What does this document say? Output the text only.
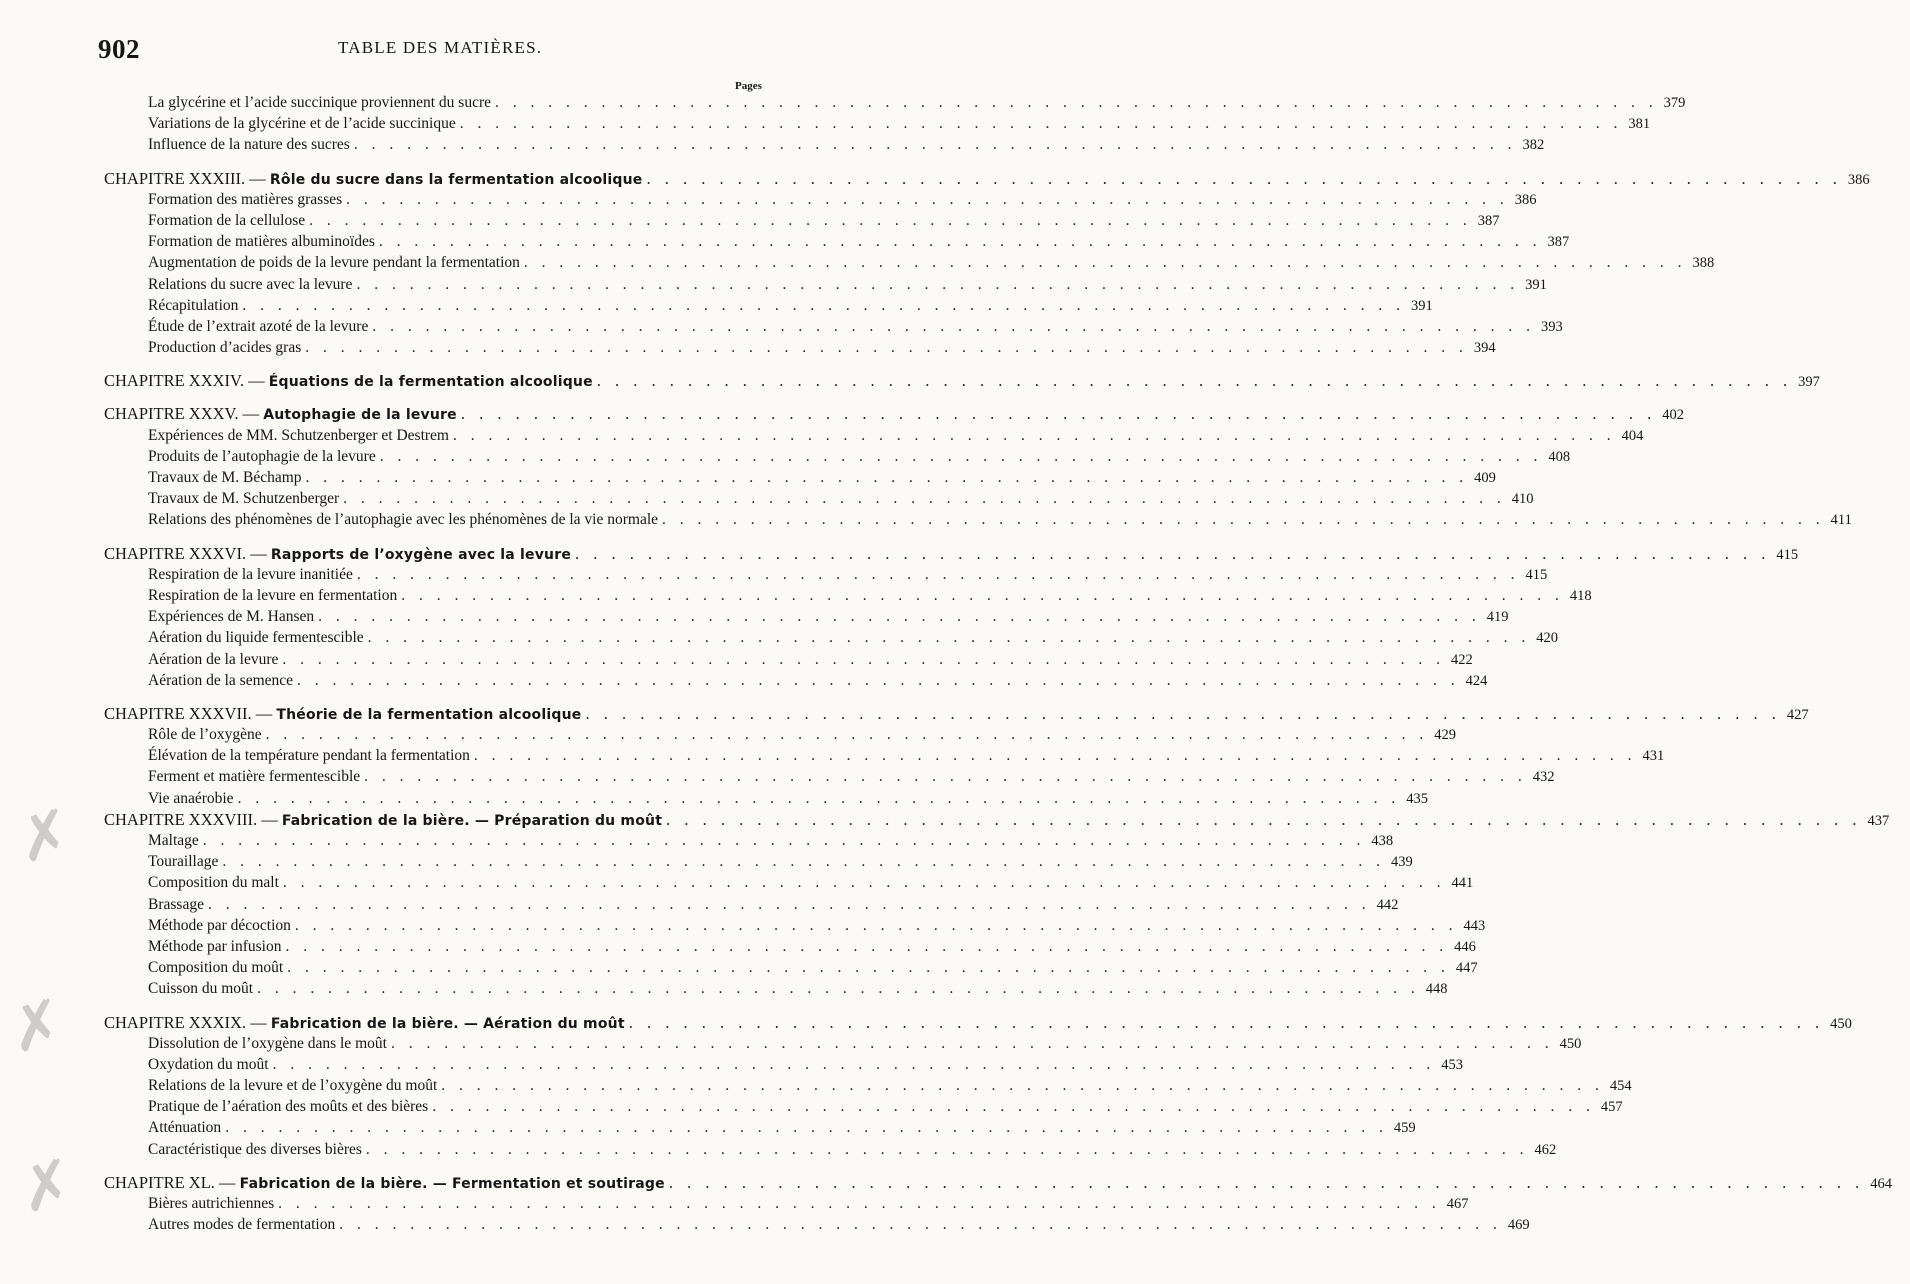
902	TABLE DES MATIÈRES.
Pages
La glycérine et l’acide succinique proviennent du sucre . . . . . . . . . . . . . . . . . . . . . . . . . . . . . . . . . . . . . . . . . . . . . . . . . . . . . . . . . . . . . . . . . . 379
Variations de la glycérine et de l’acide succinique . . . . . . . . . . . . . . . . . . . . . . . . . . . . . . . . . . . . . . . . . . . . . . . . . . . . . . . . . . . . . . . . . . 381
Influence de la nature des sucres . . . . . . . . . . . . . . . . . . . . . . . . . . . . . . . . . . . . . . . . . . . . . . . . . . . . . . . . . . . . . . . . . . 382
CHAPITRE XXXIII. — Rôle du sucre dans la fermentation alcoolique . . . . . . . . . . . . . . . . . . . . . . . . . . . . . . . . . . . . . . . . . . . . . . . . . . . . . . . . . . . . . . . . . . 386
Formation des matières grasses . . . . . . . . . . . . . . . . . . . . . . . . . . . . . . . . . . . . . . . . . . . . . . . . . . . . . . . . . . . . . . . . . . 386
Formation de la cellulose . . . . . . . . . . . . . . . . . . . . . . . . . . . . . . . . . . . . . . . . . . . . . . . . . . . . . . . . . . . . . . . . . . 387
Formation de matières albuminoïdes . . . . . . . . . . . . . . . . . . . . . . . . . . . . . . . . . . . . . . . . . . . . . . . . . . . . . . . . . . . . . . . . . . 387
Augmentation de poids de la levure pendant la fermentation . . . . . . . . . . . . . . . . . . . . . . . . . . . . . . . . . . . . . . . . . . . . . . . . . . . . . . . . . . . . . . . . . . 388
Relations du sucre avec la levure . . . . . . . . . . . . . . . . . . . . . . . . . . . . . . . . . . . . . . . . . . . . . . . . . . . . . . . . . . . . . . . . . . 391
Récapitulation . . . . . . . . . . . . . . . . . . . . . . . . . . . . . . . . . . . . . . . . . . . . . . . . . . . . . . . . . . . . . . . . . . 391
Étude de l’extrait azoté de la levure . . . . . . . . . . . . . . . . . . . . . . . . . . . . . . . . . . . . . . . . . . . . . . . . . . . . . . . . . . . . . . . . . . 393
Production d’acides gras . . . . . . . . . . . . . . . . . . . . . . . . . . . . . . . . . . . . . . . . . . . . . . . . . . . . . . . . . . . . . . . . . . 394
CHAPITRE XXXIV. — Équations de la fermentation alcoolique . . . . . . . . . . . . . . . . . . . . . . . . . . . . . . . . . . . . . . . . . . . . . . . . . . . . . . . . . . . . . . . . . . 397
CHAPITRE XXXV. — Autophagie de la levure . . . . . . . . . . . . . . . . . . . . . . . . . . . . . . . . . . . . . . . . . . . . . . . . . . . . . . . . . . . . . . . . . . 402
Expériences de MM. Schutzenberger et Destrem . . . . . . . . . . . . . . . . . . . . . . . . . . . . . . . . . . . . . . . . . . . . . . . . . . . . . . . . . . . . . . . . . . 404
Produits de l’autophagie de la levure . . . . . . . . . . . . . . . . . . . . . . . . . . . . . . . . . . . . . . . . . . . . . . . . . . . . . . . . . . . . . . . . . . 408
Travaux de M. Béchamp . . . . . . . . . . . . . . . . . . . . . . . . . . . . . . . . . . . . . . . . . . . . . . . . . . . . . . . . . . . . . . . . . . 409
Travaux de M. Schutzenberger . . . . . . . . . . . . . . . . . . . . . . . . . . . . . . . . . . . . . . . . . . . . . . . . . . . . . . . . . . . . . . . . . . 410
Relations des phénomènes de l’autophagie avec les phénomènes de la vie normale . . . . . . . . . . . . . . . . . . . . . . . . . . . . . . . . . . . . . . . . . . . . . . . . . . . . . . . . . . . . . . . . . . 411
CHAPITRE XXXVI. — Rapports de l’oxygène avec la levure . . . . . . . . . . . . . . . . . . . . . . . . . . . . . . . . . . . . . . . . . . . . . . . . . . . . . . . . . . . . . . . . . . 415
Respiration de la levure inanitiée . . . . . . . . . . . . . . . . . . . . . . . . . . . . . . . . . . . . . . . . . . . . . . . . . . . . . . . . . . . . . . . . . . 415
Respiration de la levure en fermentation . . . . . . . . . . . . . . . . . . . . . . . . . . . . . . . . . . . . . . . . . . . . . . . . . . . . . . . . . . . . . . . . . . 418
Expériences de M. Hansen . . . . . . . . . . . . . . . . . . . . . . . . . . . . . . . . . . . . . . . . . . . . . . . . . . . . . . . . . . . . . . . . . . 419
Aération du liquide fermentescible . . . . . . . . . . . . . . . . . . . . . . . . . . . . . . . . . . . . . . . . . . . . . . . . . . . . . . . . . . . . . . . . . . 420
Aération de la levure . . . . . . . . . . . . . . . . . . . . . . . . . . . . . . . . . . . . . . . . . . . . . . . . . . . . . . . . . . . . . . . . . . 422
Aération de la semence . . . . . . . . . . . . . . . . . . . . . . . . . . . . . . . . . . . . . . . . . . . . . . . . . . . . . . . . . . . . . . . . . . 424
CHAPITRE XXXVII. — Théorie de la fermentation alcoolique . . . . . . . . . . . . . . . . . . . . . . . . . . . . . . . . . . . . . . . . . . . . . . . . . . . . . . . . . . . . . . . . . . 427
Rôle de l’oxygène . . . . . . . . . . . . . . . . . . . . . . . . . . . . . . . . . . . . . . . . . . . . . . . . . . . . . . . . . . . . . . . . . . 429
Élévation de la température pendant la fermentation . . . . . . . . . . . . . . . . . . . . . . . . . . . . . . . . . . . . . . . . . . . . . . . . . . . . . . . . . . . . . . . . . . 431
Ferment et matière fermentescible . . . . . . . . . . . . . . . . . . . . . . . . . . . . . . . . . . . . . . . . . . . . . . . . . . . . . . . . . . . . . . . . . . 432
Vie anaérobie . . . . . . . . . . . . . . . . . . . . . . . . . . . . . . . . . . . . . . . . . . . . . . . . . . . . . . . . . . . . . . . . . . 435
CHAPITRE XXXVIII. — Fabrication de la bière. — Préparation du moût . . . . . . . . . . . . . . . . . . . . . . . . . . . . . . . . . . . . . . . . . . . . . . . . . . . . . . . . . . . . . . . . . . 437
Maltage . . . . . . . . . . . . . . . . . . . . . . . . . . . . . . . . . . . . . . . . . . . . . . . . . . . . . . . . . . . . . . . . . . 438
Touraillage . . . . . . . . . . . . . . . . . . . . . . . . . . . . . . . . . . . . . . . . . . . . . . . . . . . . . . . . . . . . . . . . . . 439
Composition du malt . . . . . . . . . . . . . . . . . . . . . . . . . . . . . . . . . . . . . . . . . . . . . . . . . . . . . . . . . . . . . . . . . . 441
Brassage . . . . . . . . . . . . . . . . . . . . . . . . . . . . . . . . . . . . . . . . . . . . . . . . . . . . . . . . . . . . . . . . . . 442
Méthode par décoction . . . . . . . . . . . . . . . . . . . . . . . . . . . . . . . . . . . . . . . . . . . . . . . . . . . . . . . . . . . . . . . . . . 443
Méthode par infusion . . . . . . . . . . . . . . . . . . . . . . . . . . . . . . . . . . . . . . . . . . . . . . . . . . . . . . . . . . . . . . . . . . 446
Composition du moût . . . . . . . . . . . . . . . . . . . . . . . . . . . . . . . . . . . . . . . . . . . . . . . . . . . . . . . . . . . . . . . . . . 447
Cuisson du moût . . . . . . . . . . . . . . . . . . . . . . . . . . . . . . . . . . . . . . . . . . . . . . . . . . . . . . . . . . . . . . . . . . 448
CHAPITRE XXXIX. — Fabrication de la bière. — Aération du moût . . . . . . . . . . . . . . . . . . . . . . . . . . . . . . . . . . . . . . . . . . . . . . . . . . . . . . . . . . . . . . . . . . 450
Dissolution de l’oxygène dans le moût . . . . . . . . . . . . . . . . . . . . . . . . . . . . . . . . . . . . . . . . . . . . . . . . . . . . . . . . . . . . . . . . . . 450
Oxydation du moût . . . . . . . . . . . . . . . . . . . . . . . . . . . . . . . . . . . . . . . . . . . . . . . . . . . . . . . . . . . . . . . . . . 453
Relations de la levure et de l’oxygène du moût . . . . . . . . . . . . . . . . . . . . . . . . . . . . . . . . . . . . . . . . . . . . . . . . . . . . . . . . . . . . . . . . . . 454
Pratique de l’aération des moûts et des bières . . . . . . . . . . . . . . . . . . . . . . . . . . . . . . . . . . . . . . . . . . . . . . . . . . . . . . . . . . . . . . . . . . 457
Atténuation . . . . . . . . . . . . . . . . . . . . . . . . . . . . . . . . . . . . . . . . . . . . . . . . . . . . . . . . . . . . . . . . . . 459
Caractéristique des diverses bières . . . . . . . . . . . . . . . . . . . . . . . . . . . . . . . . . . . . . . . . . . . . . . . . . . . . . . . . . . . . . . . . . . 462
CHAPITRE XL. — Fabrication de la bière. — Fermentation et soutirage . . . . . . . . . . . . . . . . . . . . . . . . . . . . . . . . . . . . . . . . . . . . . . . . . . . . . . . . . . . . . . . . . . 464
Bières autrichiennes . . . . . . . . . . . . . . . . . . . . . . . . . . . . . . . . . . . . . . . . . . . . . . . . . . . . . . . . . . . . . . . . . . 467
Autres modes de fermentation . . . . . . . . . . . . . . . . . . . . . . . . . . . . . . . . . . . . . . . . . . . . . . . . . . . . . . . . . . . . . . . . . . 469
✗
✗
✗
